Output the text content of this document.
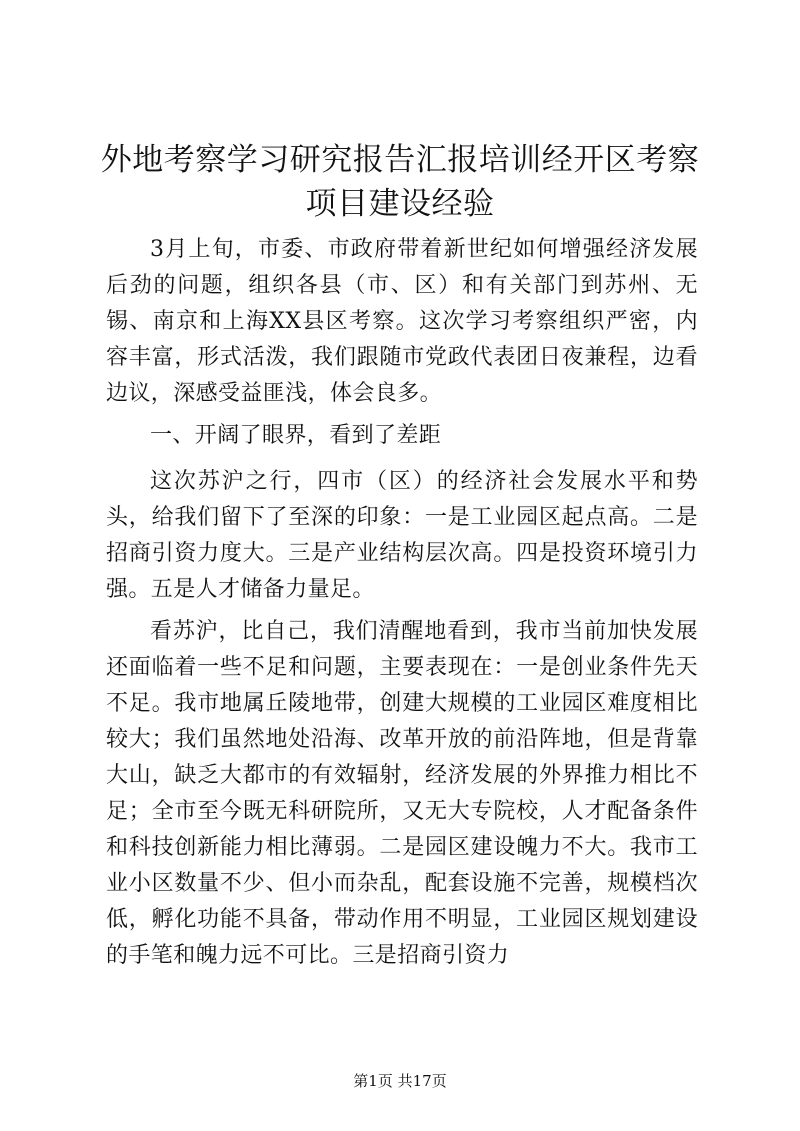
外地考察学习研究报告汇报培训经开区考察项目建设经验

3月上旬，市委、市政府带着新世纪如何增强经济发展后劲的问题，组织各县（市、区）和有关部门到苏州、无锡、南京和上海XX县区考察。这次学习考察组织严密，内容丰富，形式活泼，我们跟随市党政代表团日夜兼程，边看边议，深感受益匪浅，体会良多。

一、开阔了眼界，看到了差距

这次苏沪之行，四市（区）的经济社会发展水平和势头，给我们留下了至深的印象：一是工业园区起点高。二是招商引资力度大。三是产业结构层次高。四是投资环境引力强。五是人才储备力量足。

看苏沪，比自己，我们清醒地看到，我市当前加快发展还面临着一些不足和问题，主要表现在：一是创业条件先天不足。我市地属丘陵地带，创建大规模的工业园区难度相比较大；我们虽然地处沿海、改革开放的前沿阵地，但是背靠大山，缺乏大都市的有效辐射，经济发展的外界推力相比不足；全市至今既无科研院所，又无大专院校，人才配备条件和科技创新能力相比薄弱。二是园区建设魄力不大。我市工业小区数量不少、但小而杂乱，配套设施不完善，规模档次低，孵化功能不具备，带动作用不明显，工业园区规划建设的手笔和魄力远不可比。三是招商引资力

第1页 共17页
